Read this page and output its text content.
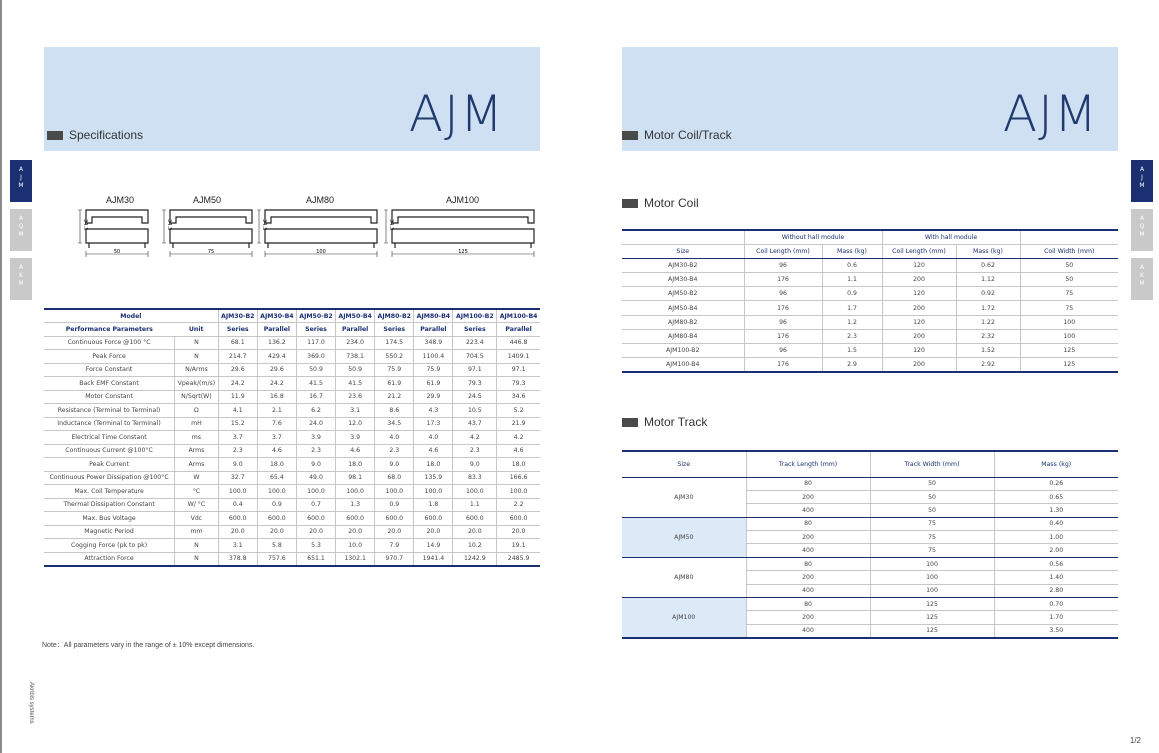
AJM
Specifications
A
J
M
A
Q
M
A
K
M
AJM30
50
34.3
AJM50
75
34.3
AJM80
100
34.3
AJM100
125
34.3
Model		AJM30-B2	AJM30-B4	AJM50-B2	AJM50-B4	AJM80-B2	AJM80-B4	AJM100-B2	AJM100-B4
Performance Parameters	Unit	Series	Parallel	Series	Parallel	Series	Parallel	Series	Parallel
Continuous Force @100 °C	N	68.1	136.2	117.0	234.0	174.5	348.9	223.4	446.8
Peak Force	N	214.7	429.4	369.0	738.1	550.2	1100.4	704.5	1409.1
Force Constant	N/Arms	29.6	29.6	50.9	50.9	75.9	75.9	97.1	97.1
Back EMF Constant	Vpeak/(m/s)	24.2	24.2	41.5	41.5	61.9	61.9	79.3	79.3
Motor Constant	N/Sqrt(W)	11.9	16.8	16.7	23.6	21.2	29.9	24.5	34.6
Resistance (Terminal to Terminal)	Ω	4.1	2.1	6.2	3.1	8.6	4.3	10.5	5.2
Inductance (Terminal to Terminal)	mH	15.2	7.6	24.0	12.0	34.5	17.3	43.7	21.9
Electrical Time Constant	ms	3.7	3.7	3.9	3.9	4.0	4.0	4.2	4.2
Continuous Current @100°C	Arms	2.3	4.6	2.3	4.6	2.3	4.6	2.3	4.6
Peak Current	Arms	9.0	18.0	9.0	18.0	9.0	18.0	9.0	18.0
Continuous Power Dissipation @100°C	W	32.7	65.4	49.0	98.1	68.0	135.9	83.3	166.6
Max. Coil Temperature	°C	100.0	100.0	100.0	100.0	100.0	100.0	100.0	100.0
Thermal Dissipation Constant	W/ °C	0.4	0.9	0.7	1.3	0.9	1.8	1.1	2.2
Max. Bus Voltage	Vdc	600.0	600.0	600.0	600.0	600.0	600.0	600.0	600.0
Magnetic Period	mm	20.0	20.0	20.0	20.0	20.0	20.0	20.0	20.0
Cogging Force (pk to pk)	N	3.1	5.8	5.3	10.0	7.9	14.9	10.2	19.1
Attraction Force	N	378.8	757.6	651.1	1302.1	970.7	1941.4	1242.9	2485.9
Note：All parameters vary in the range of ± 10% except dimensions.
Akribis systems
AJM
Motor Coil/Track
A
J
M
A
Q
M
A
K
M
Motor Coil
	Without hall module		With hall module		
Size	Coil Length (mm)	Mass (kg)	Coil Length (mm)	Mass (kg)	Coil Width (mm)
AJM30-B2	96	0.6	120	0.62	50
AJM30-B4	176	1.1	200	1.12	50
AJM50-B2	96	0.9	120	0.92	75
AJM50-B4	176	1.7	200	1.72	75
AJM80-B2	96	1.2	120	1.22	100
AJM80-B4	176	2.3	200	2.32	100
AJM100-B2	96	1.5	120	1.52	125
AJM100-B4	176	2.9	200	2.92	125
Motor Track
Size	Track Length (mm)	Track Width (mm)	Mass (kg)
AJM30	80	50	0.26
	200	50	0.65
	400	50	1.30
AJM50	80	75	0.40
	200	75	1.00
	400	75	2.00
AJM80	80	100	0.56
	200	100	1.40
	400	100	2.80
AJM100	80	125	0.70
	200	125	1.70
	400	125	3.50
1/2
